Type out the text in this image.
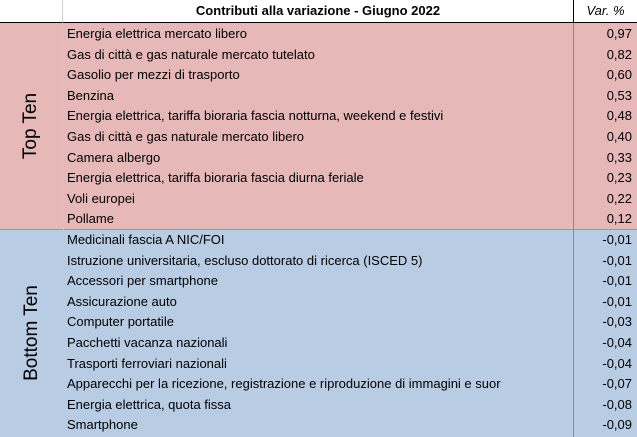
Contributi alla variazione - Giugno 2022	Var. %
Top Ten
Bottom Ten
Energia elettrica mercato libero	0,97
Gas di città e gas naturale mercato tutelato	0,82
Gasolio per mezzi di trasporto	0,60
Benzina	0,53
Energia elettrica, tariffa bioraria fascia notturna, weekend e festivi	0,48
Gas di città e gas naturale mercato libero	0,40
Camera albergo	0,33
Energia elettrica, tariffa bioraria fascia diurna feriale	0,23
Voli europei	0,22
Pollame	0,12
Medicinali fascia A NIC/FOI	-0,01
Istruzione universitaria, escluso dottorato di ricerca (ISCED 5)	-0,01
Accessori per smartphone	-0,01
Assicurazione auto	-0,01
Computer portatile	-0,03
Pacchetti vacanza nazionali	-0,04
Trasporti ferroviari nazionali	-0,04
Apparecchi per la ricezione, registrazione e riproduzione di immagini e suor	-0,07
Energia elettrica, quota fissa	-0,08
Smartphone	-0,09
